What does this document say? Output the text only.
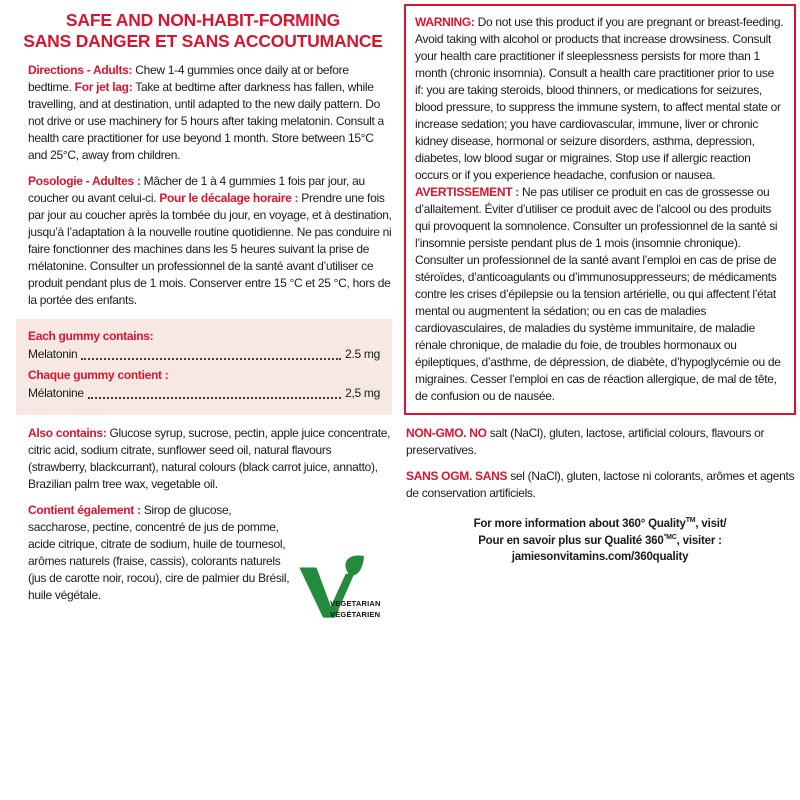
SAFE AND NON-HABIT-FORMING
SANS DANGER ET SANS ACCOUTUMANCE

Directions - Adults: Chew 1-4 gummies once daily at or before bedtime. For jet lag: Take at bedtime after darkness has fallen, while travelling, and at destination, until adapted to the new daily pattern. Do not drive or use machinery for 5 hours after taking melatonin. Consult a health care practitioner for use beyond 1 month. Store between 15°C and 25°C, away from children.

Posologie - Adultes : Mâcher de 1 à 4 gummies 1 fois par jour, au coucher ou avant celui-ci. Pour le décalage horaire : Prendre une fois par jour au coucher après la tombée du jour, en voyage, et à destination, jusqu’à l’adaptation à la nouvelle routine quotidienne. Ne pas conduire ni faire fonctionner des machines dans les 5 heures suivant la prise de mélatonine. Consulter un professionnel de la santé avant d’utiliser ce produit pendant plus de 1 mois. Conserver entre 15 °C et 25 °C, hors de la portée des enfants.

Each gummy contains:
Melatonin	2.5 mg
Chaque gummy contient :
Mélatonine	2,5 mg

Also contains: Glucose syrup, sucrose, pectin, apple juice concentrate, citric acid, sodium citrate, sunflower seed oil, natural flavours (strawberry, blackcurrant), natural colours (black carrot juice, annatto), Brazilian palm tree wax, vegetable oil.

VEGETARIAN
VÉGÉTARIEN

Contient également : Sirop de glucose, saccharose, pectine, concentré de jus de pomme, acide citrique, citrate de sodium, huile de tournesol, arômes naturels (fraise, cassis), colorants naturels (jus de carotte noir, rocou), cire de palmier du Brésil, huile végétale.

WARNING: Do not use this product if you are pregnant or breast-feeding. Avoid taking with alcohol or products that increase drowsiness. Consult your health care practitioner if sleeplessness persists for more than 1 month (chronic insomnia). Consult a health care practitioner prior to use if: you are taking steroids, blood thinners, or medications for seizures, blood pressure, to suppress the immune system, to affect mental state or increase sedation; you have cardiovascular, immune, liver or chronic kidney disease, hormonal or seizure disorders, asthma, depression, diabetes, low blood sugar or migraines. Stop use if allergic reaction occurs or if you experience headache, confusion or nausea.

AVERTISSEMENT : Ne pas utiliser ce produit en cas de grossesse ou d’allaitement. Éviter d’utiliser ce produit avec de l’alcool ou des produits qui provoquent la somnolence. Consulter un professionnel de la santé si l’insomnie persiste pendant plus de 1 mois (insomnie chronique). Consulter un professionnel de la santé avant l’emploi en cas de prise de stéroïdes, d’anticoagulants ou d’immunosuppresseurs; de médicaments contre les crises d’épilepsie ou la tension artérielle, ou qui affectent l’état mental ou augmentent la sédation; ou en cas de maladies cardiovasculaires, de maladies du système immunitaire, de maladie rénale chronique, de maladie du foie, de troubles hormonaux ou épileptiques, d’asthme, de dépression, de diabète, d’hypoglycémie ou de migraines. Cesser l’emploi en cas de réaction allergique, de mal de tête, de confusion ou de nausée.

NON-GMO. NO salt (NaCl), gluten, lactose, artificial colours, flavours or preservatives.

SANS OGM. SANS sel (NaCl), gluten, lactose ni colorants, arômes et agents de conservation artificiels.

For more information about 360° Quality™, visit/
Pour en savoir plus sur Qualité $360^{^\circ MC}$, visiter :
jamiesonvitamins.com/360quality
